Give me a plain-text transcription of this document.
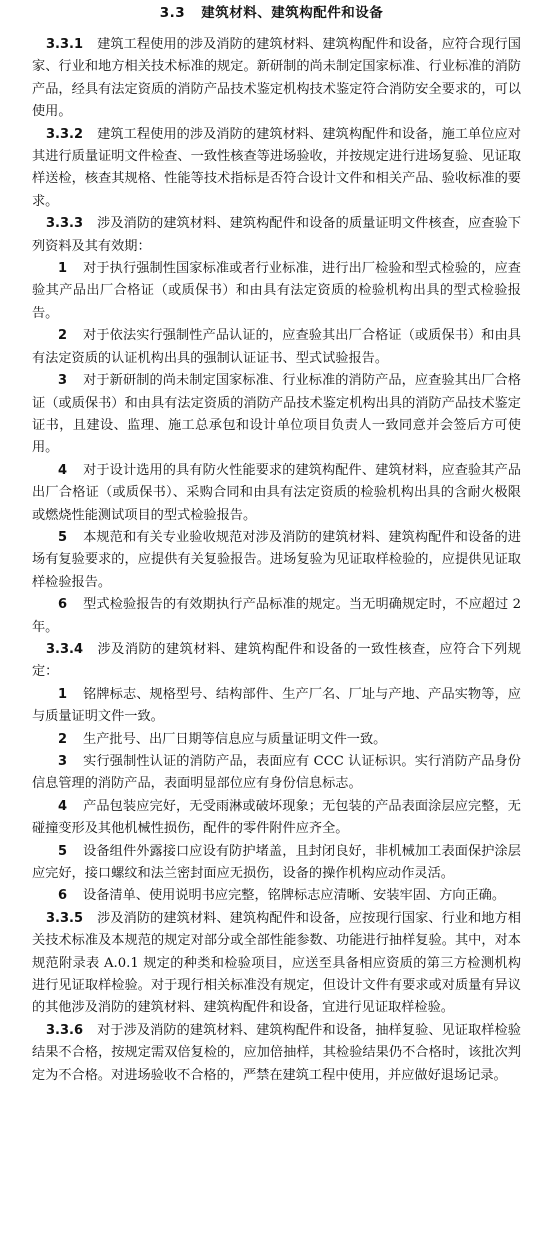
3.3 建筑材料、建筑构配件和设备
3.3.1 建筑工程使用的涉及消防的建筑材料、建筑构配件和设备，应符合现行国家、行业和地方相关技术标准的规定。新研制的尚未制定国家标准、行业标准的消防产品，经具有法定资质的消防产品技术鉴定机构技术鉴定符合消防安全要求的，可以使用。
3.3.2 建筑工程使用的涉及消防的建筑材料、建筑构配件和设备，施工单位应对其进行质量证明文件检查、一致性核查等进场验收，并按规定进行进场复验、见证取样送检，核查其规格、性能等技术指标是否符合设计文件和相关产品、验收标准的要求。
3.3.3 涉及消防的建筑材料、建筑构配件和设备的质量证明文件核查，应查验下列资料及其有效期：
1 对于执行强制性国家标准或者行业标准，进行出厂检验和型式检验的，应查验其产品出厂合格证（或质保书）和由具有法定资质的检验机构出具的型式检验报告。
2 对于依法实行强制性产品认证的，应查验其出厂合格证（或质保书）和由具有法定资质的认证机构出具的强制认证证书、型式试验报告。
3 对于新研制的尚未制定国家标准、行业标准的消防产品，应查验其出厂合格证（或质保书）和由具有法定资质的消防产品技术鉴定机构出具的消防产品技术鉴定证书，且建设、监理、施工总承包和设计单位项目负责人一致同意并会签后方可使用。
4 对于设计选用的具有防火性能要求的建筑构配件、建筑材料，应查验其产品出厂合格证（或质保书）、采购合同和由具有法定资质的检验机构出具的含耐火极限或燃烧性能测试项目的型式检验报告。
5 本规范和有关专业验收规范对涉及消防的建筑材料、建筑构配件和设备的进场有复验要求的，应提供有关复验报告。进场复验为见证取样检验的，应提供见证取样检验报告。
6 型式检验报告的有效期执行产品标准的规定。当无明确规定时，不应超过 2 年。
3.3.4 涉及消防的建筑材料、建筑构配件和设备的一致性核查，应符合下列规定：
1 铭牌标志、规格型号、结构部件、生产厂名、厂址与产地、产品实物等，应与质量证明文件一致。
2 生产批号、出厂日期等信息应与质量证明文件一致。
3 实行强制性认证的消防产品，表面应有 CCC 认证标识。实行消防产品身份信息管理的消防产品，表面明显部位应有身份信息标志。
4 产品包装应完好，无受雨淋或破坏现象；无包装的产品表面涂层应完整，无碰撞变形及其他机械性损伤，配件的零件附件应齐全。
5 设备组件外露接口应设有防护堵盖，且封闭良好，非机械加工表面保护涂层应完好，接口螺纹和法兰密封面应无损伤，设备的操作机构应动作灵活。
6 设备清单、使用说明书应完整，铭牌标志应清晰、安装牢固、方向正确。
3.3.5 涉及消防的建筑材料、建筑构配件和设备，应按现行国家、行业和地方相关技术标准及本规范的规定对部分或全部性能参数、功能进行抽样复验。其中，对本规范附录表 A.0.1 规定的种类和检验项目，应送至具备相应资质的第三方检测机构进行见证取样检验。对于现行相关标准没有规定，但设计文件有要求或对质量有异议的其他涉及消防的建筑材料、建筑构配件和设备，宜进行见证取样检验。
3.3.6 对于涉及消防的建筑材料、建筑构配件和设备，抽样复验、见证取样检验结果不合格，按规定需双倍复检的，应加倍抽样，其检验结果仍不合格时，该批次判定为不合格。对进场验收不合格的，严禁在建筑工程中使用，并应做好退场记录。
